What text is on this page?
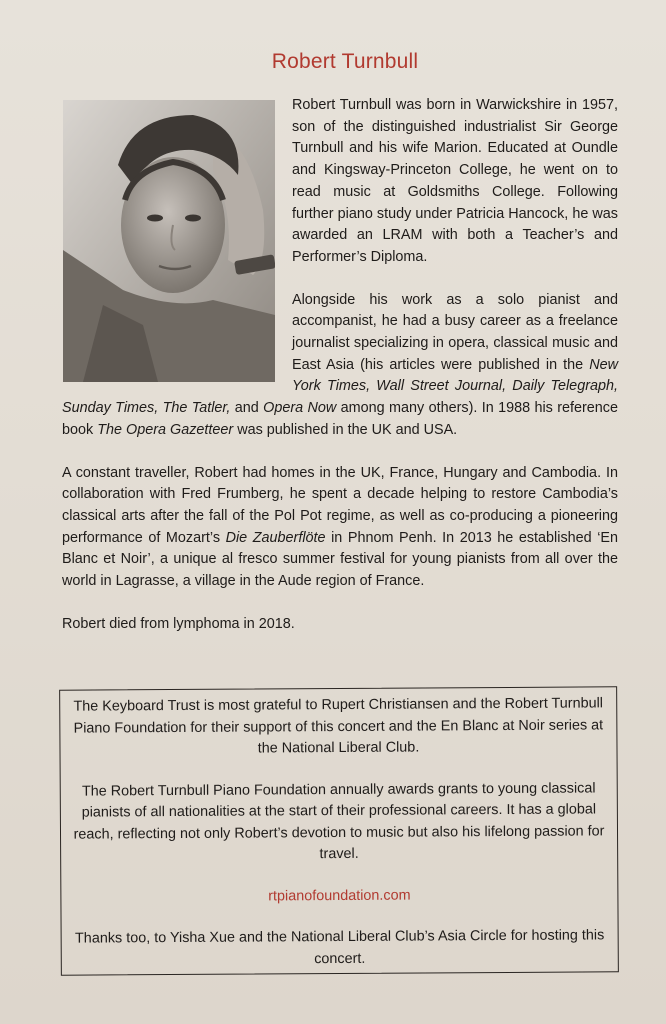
Robert Turnbull

Robert Turnbull was born in Warwickshire in 1957, son of the distinguished industrialist Sir George Turnbull and his wife Marion. Educated at Oundle and Kingsway-Princeton College, he went on to read music at Goldsmiths College. Following further piano study under Patricia Hancock, he was awarded an LRAM with both a Teacher’s and Performer’s Diploma.

Alongside his work as a solo pianist and accompanist, he had a busy career as a freelance journalist specializing in opera, classical music and East Asia (his articles were published in the New York Times, Wall Street Journal, Daily Telegraph, Sunday Times, The Tatler, and Opera Now among many others). In 1988 his reference book The Opera Gazetteer was published in the UK and USA.

A constant traveller, Robert had homes in the UK, France, Hungary and Cambodia. In collaboration with Fred Frumberg, he spent a decade helping to restore Cambodia’s classical arts after the fall of the Pol Pot regime, as well as co-producing a pioneering performance of Mozart’s Die Zauberflöte in Phnom Penh. In 2013 he established ‘En Blanc et Noir’, a unique al fresco summer festival for young pianists from all over the world in Lagrasse, a village in the Aude region of France.

Robert died from lymphoma in 2018.

The Keyboard Trust is most grateful to Rupert Christiansen and the Robert Turnbull Piano Foundation for their support of this concert and the En Blanc at Noir series at the National Liberal Club.

The Robert Turnbull Piano Foundation annually awards grants to young classical pianists of all nationalities at the start of their professional careers. It has a global reach, reflecting not only Robert’s devotion to music but also his lifelong passion for travel.

rtpianofoundation.com

Thanks too, to Yisha Xue and the National Liberal Club’s Asia Circle for hosting this concert.
